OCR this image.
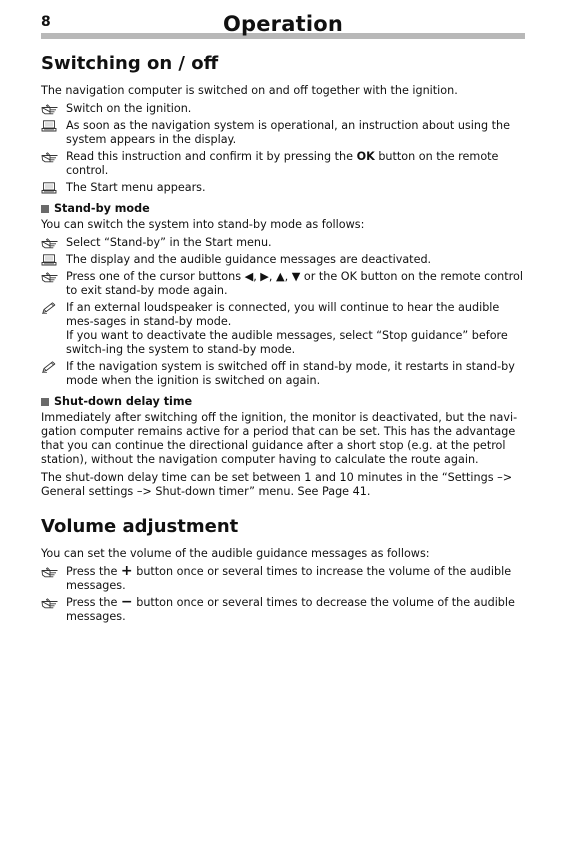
8	Operation
Switching on / off

The navigation computer is switched on and off together with the ignition.

Switch on the ignition.
As soon as the navigation system is operational, an instruction about using the system appears in the display.
Read this instruction and confirm it by pressing the OK button on the remote control.
The Start menu appears.
Stand-by mode

You can switch the system into stand-by mode as follows:

Select “Stand-by” in the Start menu.
The display and the audible guidance messages are deactivated.
Press one of the cursor buttons ◀, ▶, ▲, ▼ or the OK button on the remote control to exit stand-by mode again.
If an external loudspeaker is connected, you will continue to hear the audible mes-sages in stand-by mode.
If you want to deactivate the audible messages, select “Stop guidance” before switch-ing the system to stand-by mode.
If the navigation system is switched off in stand-by mode, it restarts in stand-by mode when the ignition is switched on again.
Shut-down delay time

Immediately after switching off the ignition, the monitor is deactivated, but the navi-gation computer remains active for a period that can be set. This has the advantage that you can continue the directional guidance after a short stop (e.g. at the petrol station), without the navigation computer having to calculate the route again.

The shut-down delay time can be set between 1 and 10 minutes in the “Settings –> General settings –> Shut-down timer” menu. See Page 41.

Volume adjustment

You can set the volume of the audible guidance messages as follows:

Press the + button once or several times to increase the volume of the audible messages.
Press the − button once or several times to decrease the volume of the audible messages.
